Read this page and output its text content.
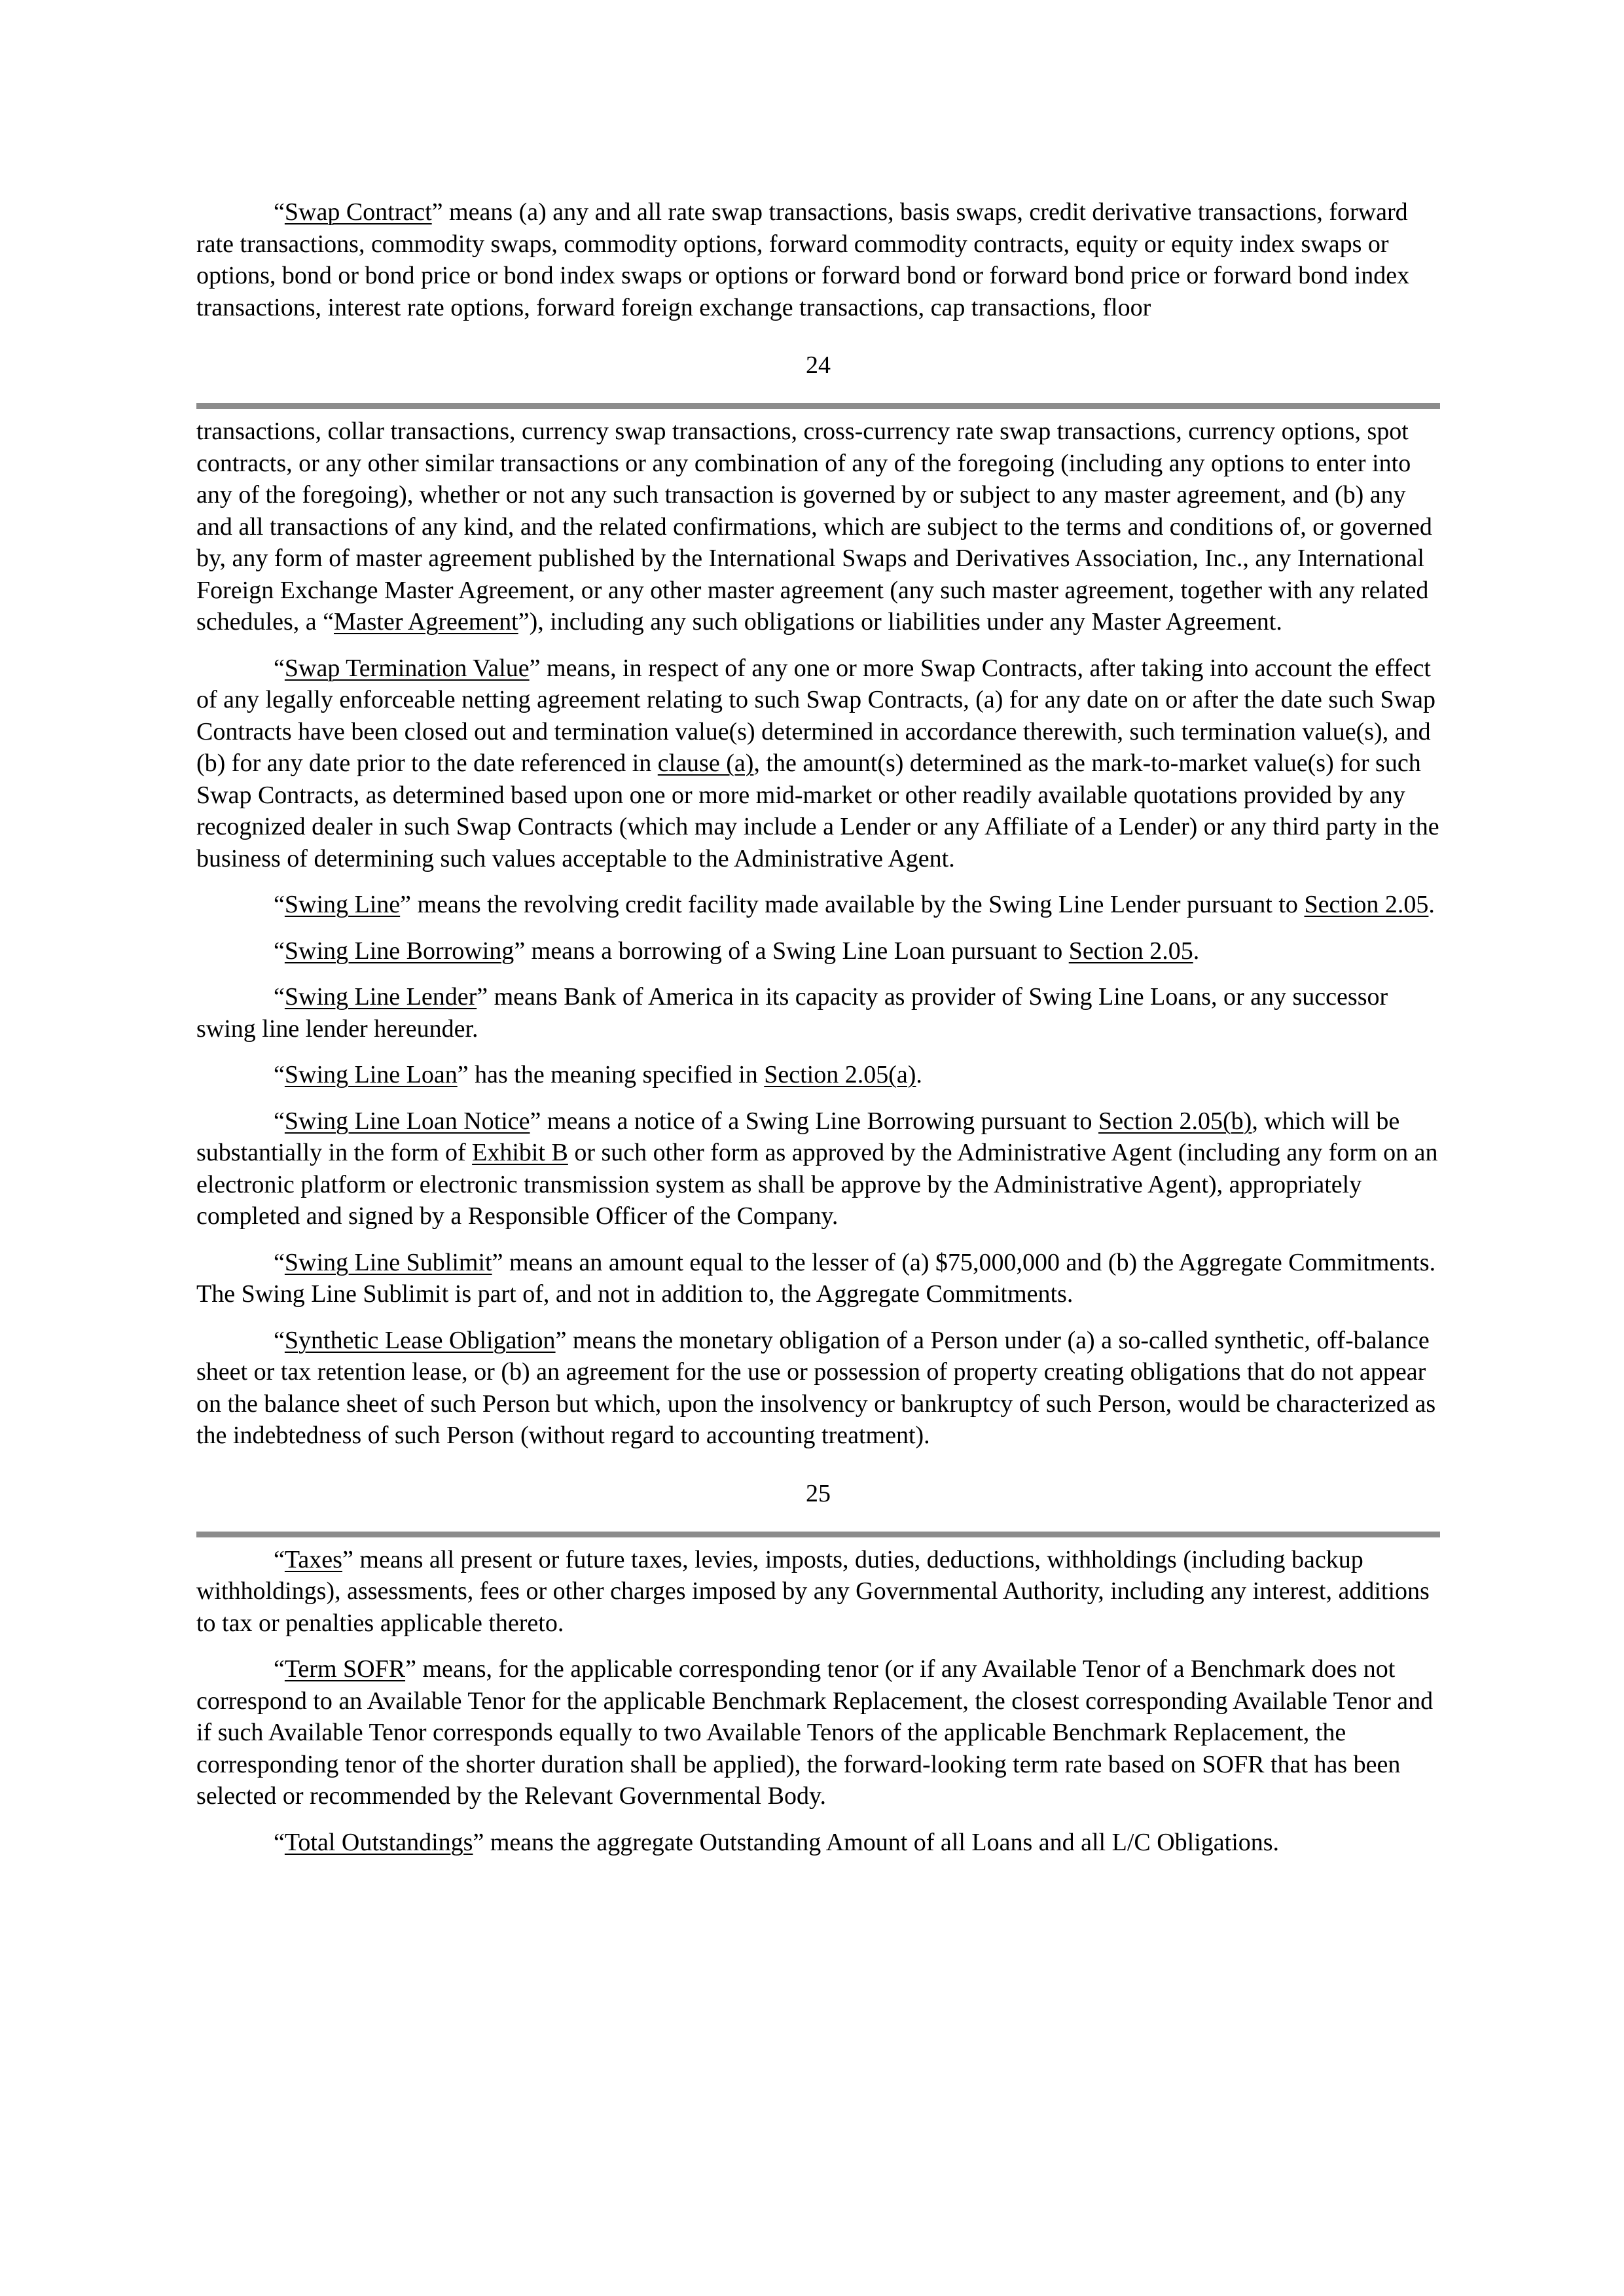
“Swap Contract” means (a) any and all rate swap transactions, basis swaps, credit derivative transactions, forward rate transactions, commodity swaps, commodity options, forward commodity contracts, equity or equity index swaps or options, bond or bond price or bond index swaps or options or forward bond or forward bond price or forward bond index transactions, interest rate options, forward foreign exchange transactions, cap transactions, floor

24

transactions, collar transactions, currency swap transactions, cross-currency rate swap transactions, currency options, spot contracts, or any other similar transactions or any combination of any of the foregoing (including any options to enter into any of the foregoing), whether or not any such transaction is governed by or subject to any master agreement, and (b) any and all transactions of any kind, and the related confirmations, which are subject to the terms and conditions of, or governed by, any form of master agreement published by the International Swaps and Derivatives Association, Inc., any International Foreign Exchange Master Agreement, or any other master agreement (any such master agreement, together with any related schedules, a “Master Agreement”), including any such obligations or liabilities under any Master Agreement.

“Swap Termination Value” means, in respect of any one or more Swap Contracts, after taking into account the effect of any legally enforceable netting agreement relating to such Swap Contracts, (a) for any date on or after the date such Swap Contracts have been closed out and termination value(s) determined in accordance therewith, such termination value(s), and (b) for any date prior to the date referenced in clause (a), the amount(s) determined as the mark-to-market value(s) for such Swap Contracts, as determined based upon one or more mid-market or other readily available quotations provided by any recognized dealer in such Swap Contracts (which may include a Lender or any Affiliate of a Lender) or any third party in the business of determining such values acceptable to the Administrative Agent.

“Swing Line” means the revolving credit facility made available by the Swing Line Lender pursuant to Section 2.05.

“Swing Line Borrowing” means a borrowing of a Swing Line Loan pursuant to Section 2.05.

“Swing Line Lender” means Bank of America in its capacity as provider of Swing Line Loans, or any successor swing line lender hereunder.

“Swing Line Loan” has the meaning specified in Section 2.05(a).

“Swing Line Loan Notice” means a notice of a Swing Line Borrowing pursuant to Section 2.05(b), which will be substantially in the form of Exhibit B or such other form as approved by the Administrative Agent (including any form on an electronic platform or electronic transmission system as shall be approve by the Administrative Agent), appropriately completed and signed by a Responsible Officer of the Company.

“Swing Line Sublimit” means an amount equal to the lesser of (a) $75,000,000 and (b) the Aggregate Commitments. The Swing Line Sublimit is part of, and not in addition to, the Aggregate Commitments.

“Synthetic Lease Obligation” means the monetary obligation of a Person under (a) a so-called synthetic, off-balance sheet or tax retention lease, or (b) an agreement for the use or possession of property creating obligations that do not appear on the balance sheet of such Person but which, upon the insolvency or bankruptcy of such Person, would be characterized as the indebtedness of such Person (without regard to accounting treatment).

25

“Taxes” means all present or future taxes, levies, imposts, duties, deductions, withholdings (including backup withholdings), assessments, fees or other charges imposed by any Governmental Authority, including any interest, additions to tax or penalties applicable thereto.

“Term SOFR” means, for the applicable corresponding tenor (or if any Available Tenor of a Benchmark does not correspond to an Available Tenor for the applicable Benchmark Replacement, the closest corresponding Available Tenor and if such Available Tenor corresponds equally to two Available Tenors of the applicable Benchmark Replacement, the corresponding tenor of the shorter duration shall be applied), the forward-looking term rate based on SOFR that has been selected or recommended by the Relevant Governmental Body.

“Total Outstandings” means the aggregate Outstanding Amount of all Loans and all L/C Obligations.
